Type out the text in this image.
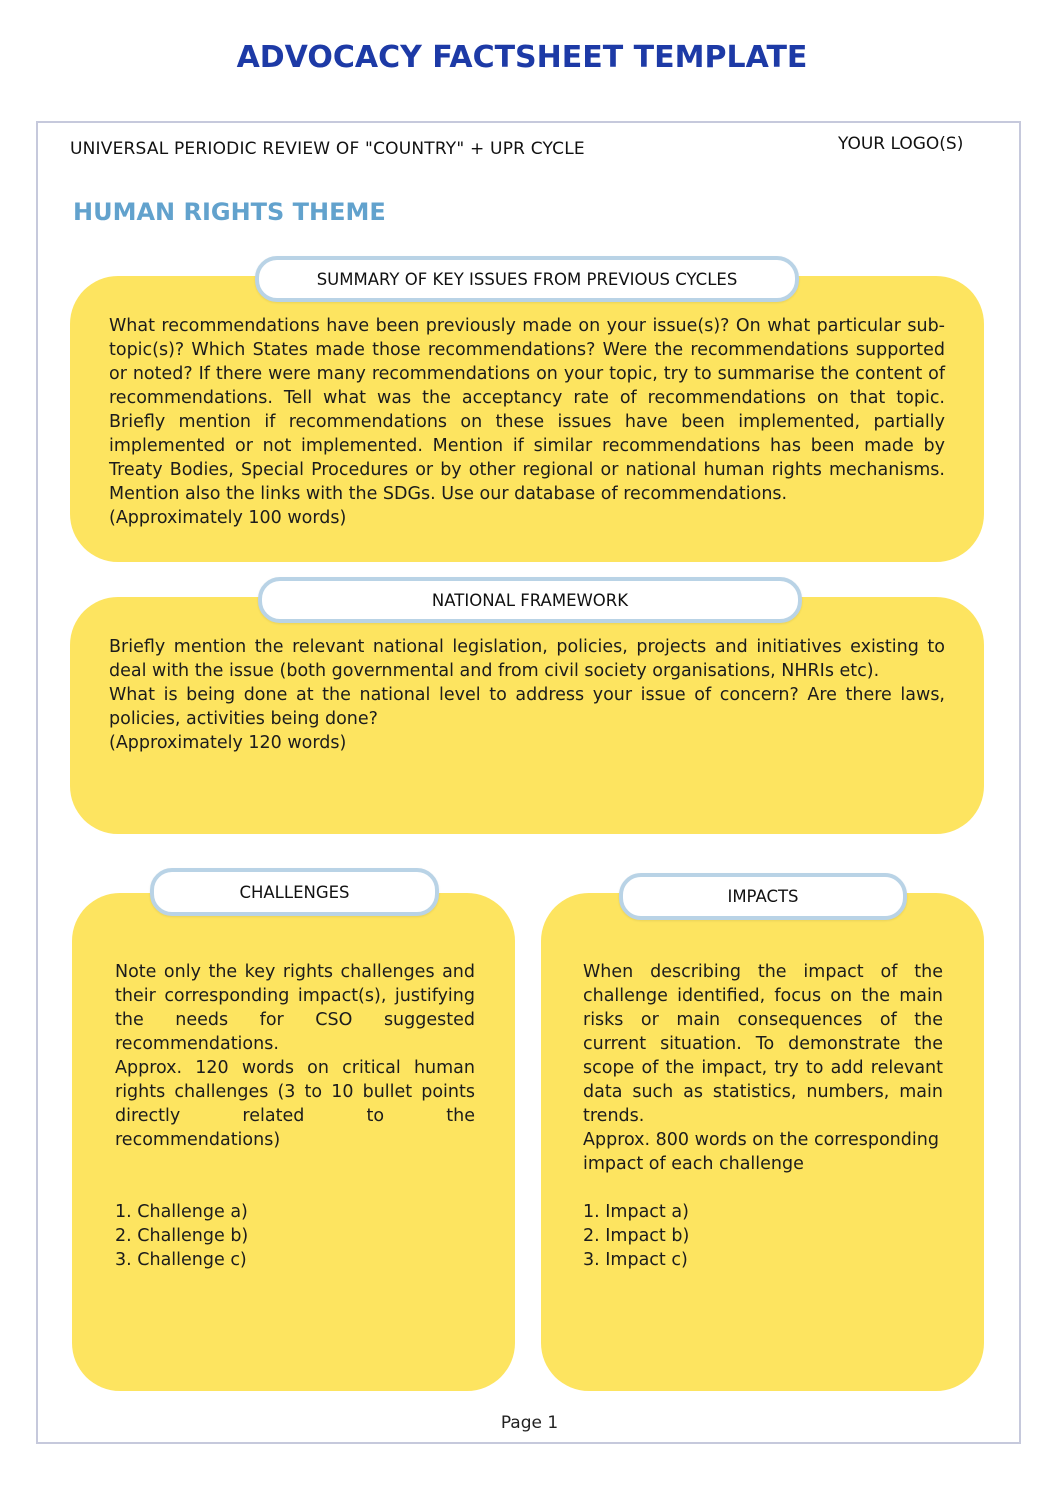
ADVOCACY FACTSHEET TEMPLATE
UNIVERSAL PERIODIC REVIEW OF "COUNTRY" + UPR CYCLE	YOUR LOGO(S)
HUMAN RIGHTS THEME
SUMMARY OF KEY ISSUES FROM PREVIOUS CYCLES

What recommendations have been previously made on your issue(s)? On what particular sub-topic(s)? Which States made those recommendations? Were the recommendations supported or noted? If there were many recommendations on your topic, try to summarise the content of recommendations. Tell what was the acceptancy rate of recommendations on that topic. Briefly mention if recommendations on these issues have been implemented, partially implemented or not implemented. Mention if similar recommendations has been made by Treaty Bodies, Special Procedures or by other regional or national human rights mechanisms. Mention also the links with the SDGs. Use our database of recommendations.

(Approximately 100 words)

NATIONAL FRAMEWORK

Briefly mention the relevant national legislation, policies, projects and initiatives existing to deal with the issue (both governmental and from civil society organisations, NHRIs etc).

What is being done at the national level to address your issue of concern? Are there laws, policies, activities being done?

(Approximately 120 words)

CHALLENGES

Note only the key rights challenges and their corresponding impact(s), justifying the needs for CSO suggested recommendations.

Approx. 120 words on critical human rights challenges (3 to 10 bullet points directly related to the recommendations)

1. Challenge a)
2. Challenge b)
3. Challenge c)

IMPACTS

When describing the impact of the challenge identified, focus on the main risks or main consequences of the current situation. To demonstrate the scope of the impact, try to add relevant data such as statistics, numbers, main trends.

Approx. 800 words on the corresponding impact of each challenge

1. Impact a)
2. Impact b)
3. Impact c)

Page 1
